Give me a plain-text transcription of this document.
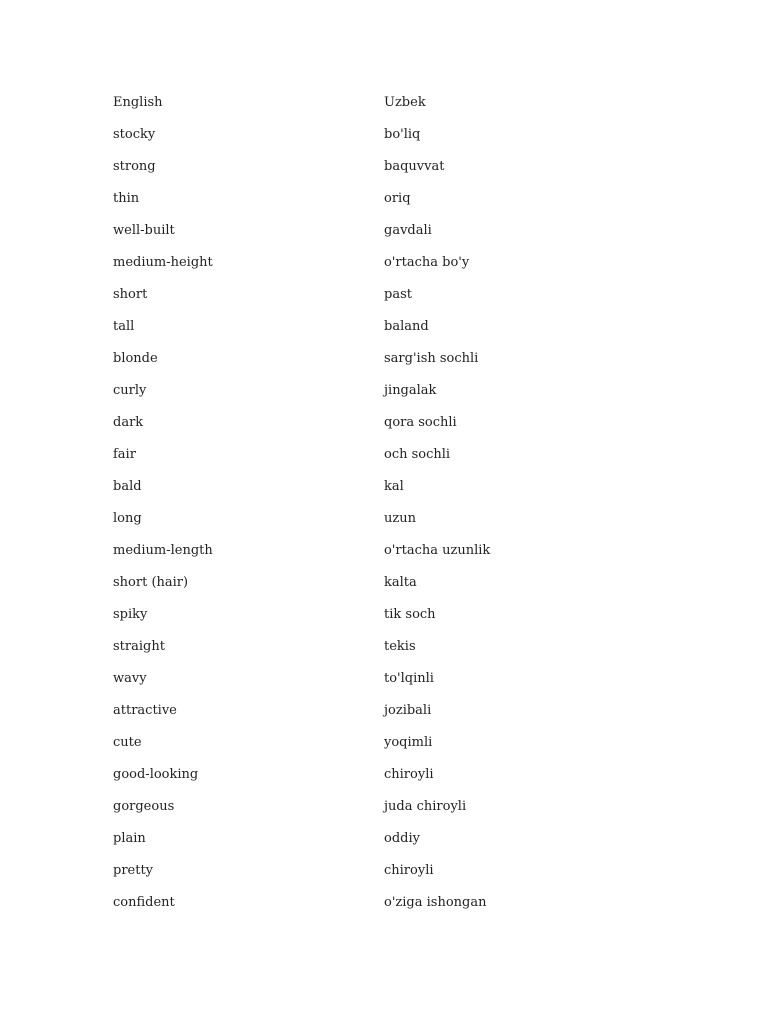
English	Uzbek
stocky	bo'liq
strong	baquvvat
thin	oriq
well-built	gavdali
medium-height	o'rtacha bo'y
short	past
tall	baland
blonde	sarg'ish sochli
curly	jingalak
dark	qora sochli
fair	och sochli
bald	kal
long	uzun
medium-length	o'rtacha uzunlik
short (hair)	kalta
spiky	tik soch
straight	tekis
wavy	to'lqinli
attractive	jozibali
cute	yoqimli
good-looking	chiroyli
gorgeous	juda chiroyli
plain	oddiy
pretty	chiroyli
confident	o'ziga ishongan
